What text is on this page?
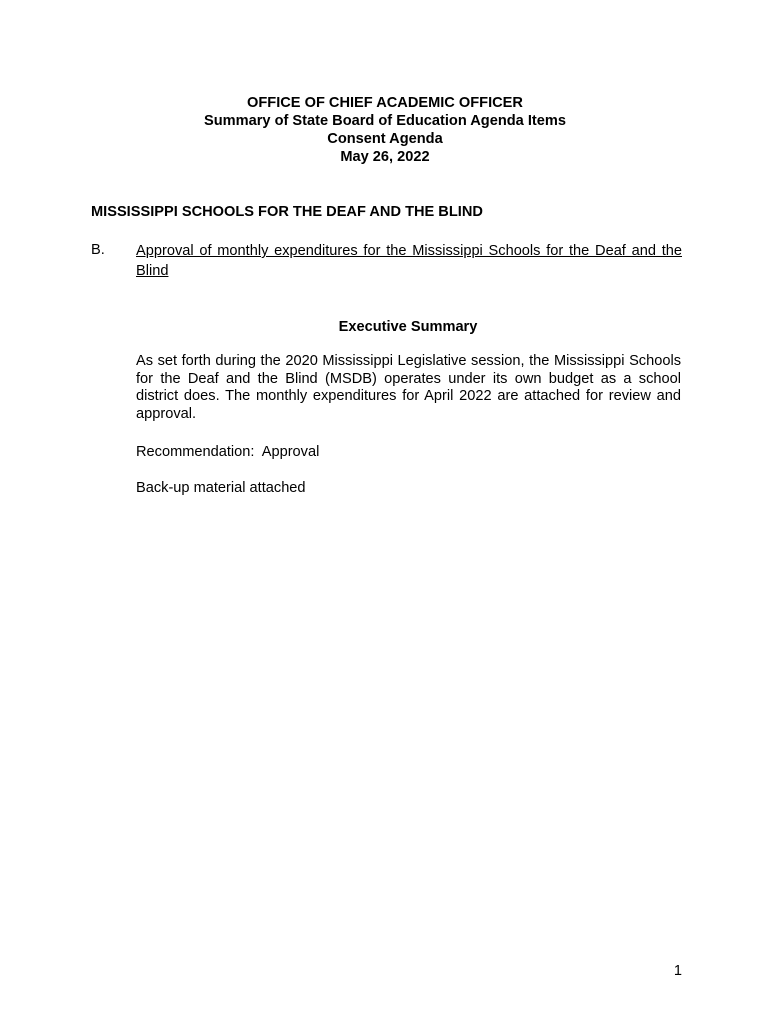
OFFICE OF CHIEF ACADEMIC OFFICER
Summary of State Board of Education Agenda Items
Consent Agenda
May 26, 2022
MISSISSIPPI SCHOOLS FOR THE DEAF AND THE BLIND
B. Approval of monthly expenditures for the Mississippi Schools for the Deaf and the Blind
Executive Summary
As set forth during the 2020 Mississippi Legislative session, the Mississippi Schools for the Deaf and the Blind (MSDB) operates under its own budget as a school district does. The monthly expenditures for April 2022 are attached for review and approval.
Recommendation:  Approval
Back-up material attached
1
